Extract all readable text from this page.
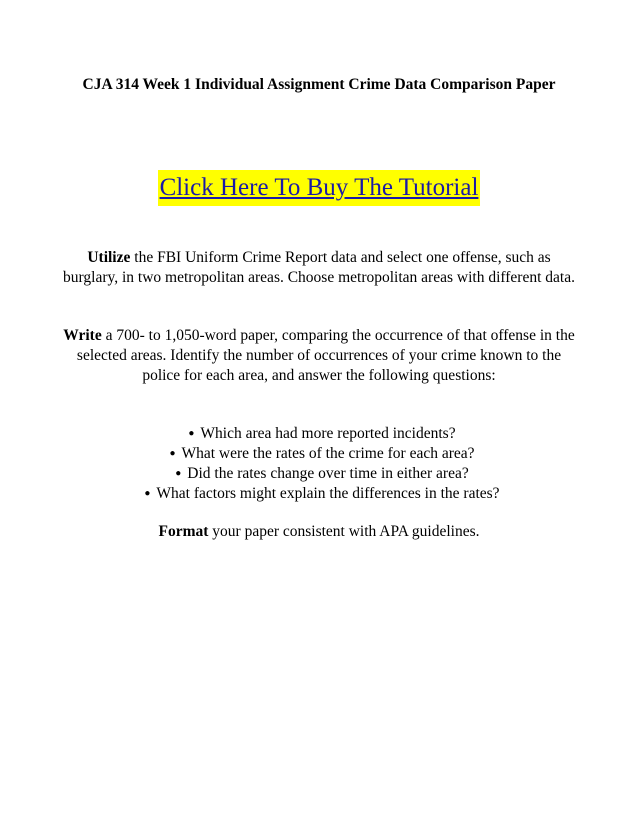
CJA 314 Week 1 Individual Assignment Crime Data Comparison Paper
Click Here To Buy The Tutorial
Utilize the FBI Uniform Crime Report data and select one offense, such as burglary, in two metropolitan areas. Choose metropolitan areas with different data.
Write a 700- to 1,050-word paper, comparing the occurrence of that offense in the selected areas. Identify the number of occurrences of your crime known to the police for each area, and answer the following questions:
● Which area had more reported incidents?
● What were the rates of the crime for each area?
● Did the rates change over time in either area?
● What factors might explain the differences in the rates?
Format your paper consistent with APA guidelines.
